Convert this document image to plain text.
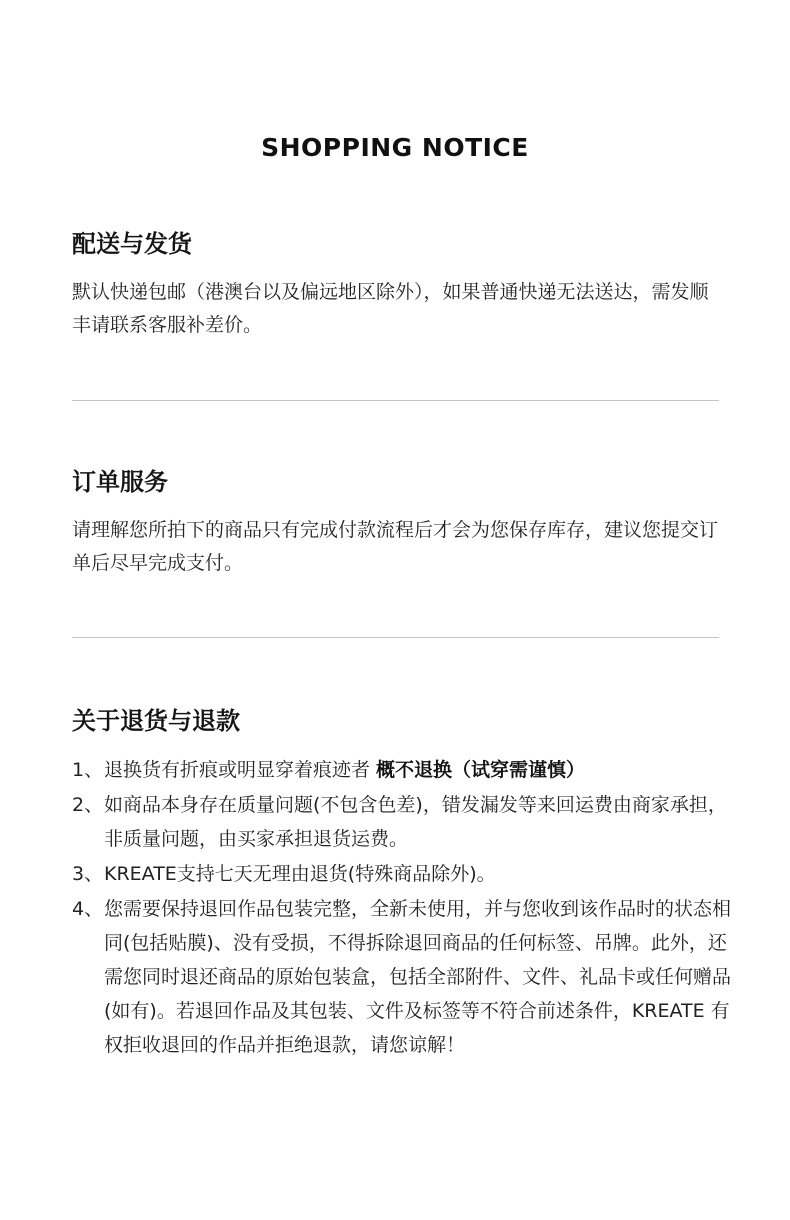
SHOPPING NOTICE
配送与发货

默认快递包邮（港澳台以及偏远地区除外），如果普通快递无法送达，需发顺丰请联系客服补差价。

订单服务

请理解您所拍下的商品只有完成付款流程后才会为您保存库存，建议您提交订单后尽早完成支付。

关于退货与退款
1、 退换货有折痕或明显穿着痕迹者 概不退换（试穿需谨慎）
2、 如商品本身存在质量问题(不包含色差)，错发漏发等来回运费由商家承担，非质量问题，由买家承担退货运费。
3、 KREATE支持七天无理由退货(特殊商品除外)。
4、 您需要保持退回作品包装完整，全新未使用，并与您收到该作品时的状态相同(包括贴膜)、没有受损，不得拆除退回商品的任何标签、吊牌。此外，还需您同时退还商品的原始包装盒，包括全部附件、文件、礼品卡或任何赠品(如有)。若退回作品及其包装、文件及标签等不符合前述条件，KREATE 有权拒收退回的作品并拒绝退款，请您谅解！
